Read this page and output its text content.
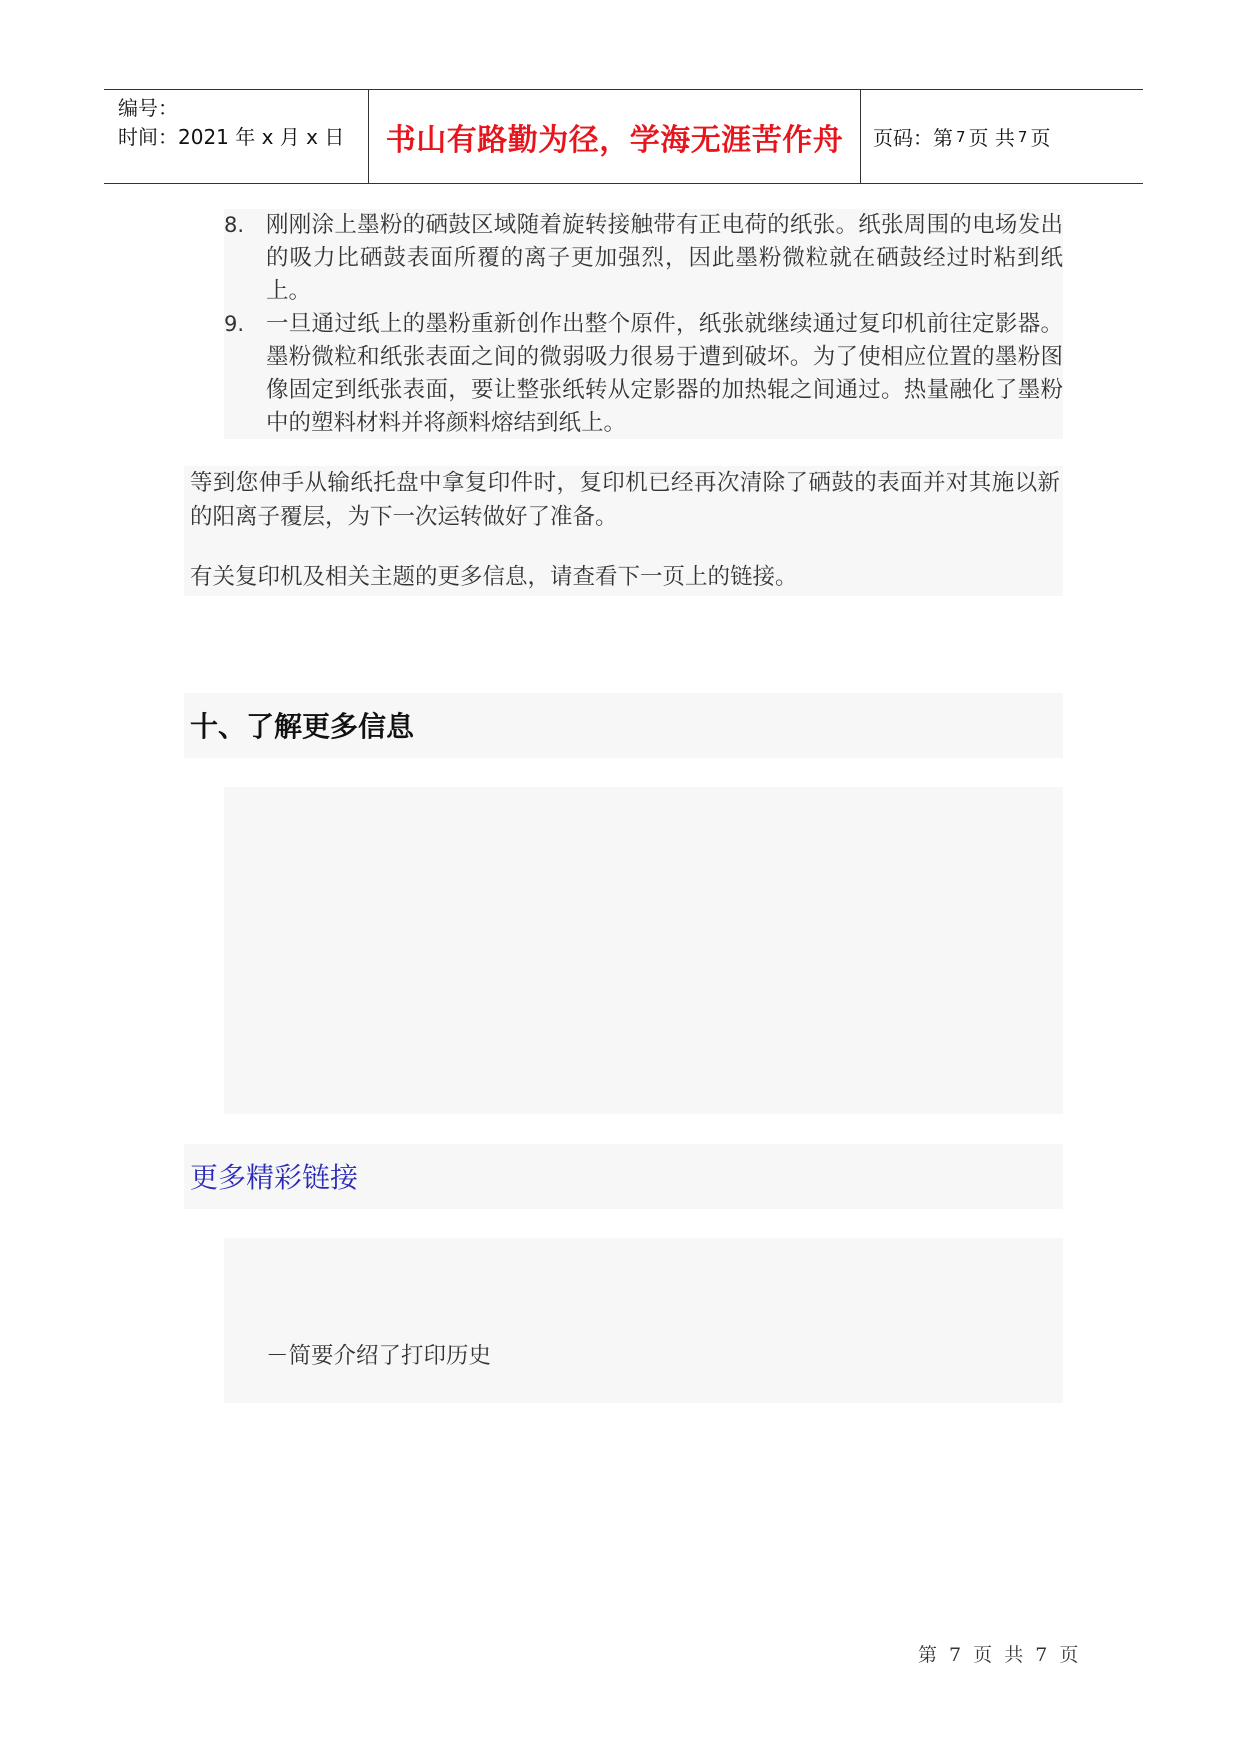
编号：
时间：2021 年 x 月 x 日	书山有路勤为径，学海无涯苦作舟	页码：第 7 页 共 7 页
8. 刚刚涂上墨粉的硒鼓区域随着旋转接触带有正电荷的纸张。纸张周围的电场发出的吸力比硒鼓表面所覆的离子更加强烈，因此墨粉微粒就在硒鼓经过时粘到纸上。
9. 一旦通过纸上的墨粉重新创作出整个原件，纸张就继续通过复印机前往定影器。墨粉微粒和纸张表面之间的微弱吸力很易于遭到破坏。为了使相应位置的墨粉图像固定到纸张表面，要让整张纸转从定影器的加热辊之间通过。热量融化了墨粉中的塑料材料并将颜料熔结到纸上。
等到您伸手从输纸托盘中拿复印件时，复印机已经再次清除了硒鼓的表面并对其施以新的阳离子覆层，为下一次运转做好了准备。
有关复印机及相关主题的更多信息，请查看下一页上的链接。
十、了解更多信息
更多精彩链接
－简要介绍了打印历史
第 7 页 共 7 页
